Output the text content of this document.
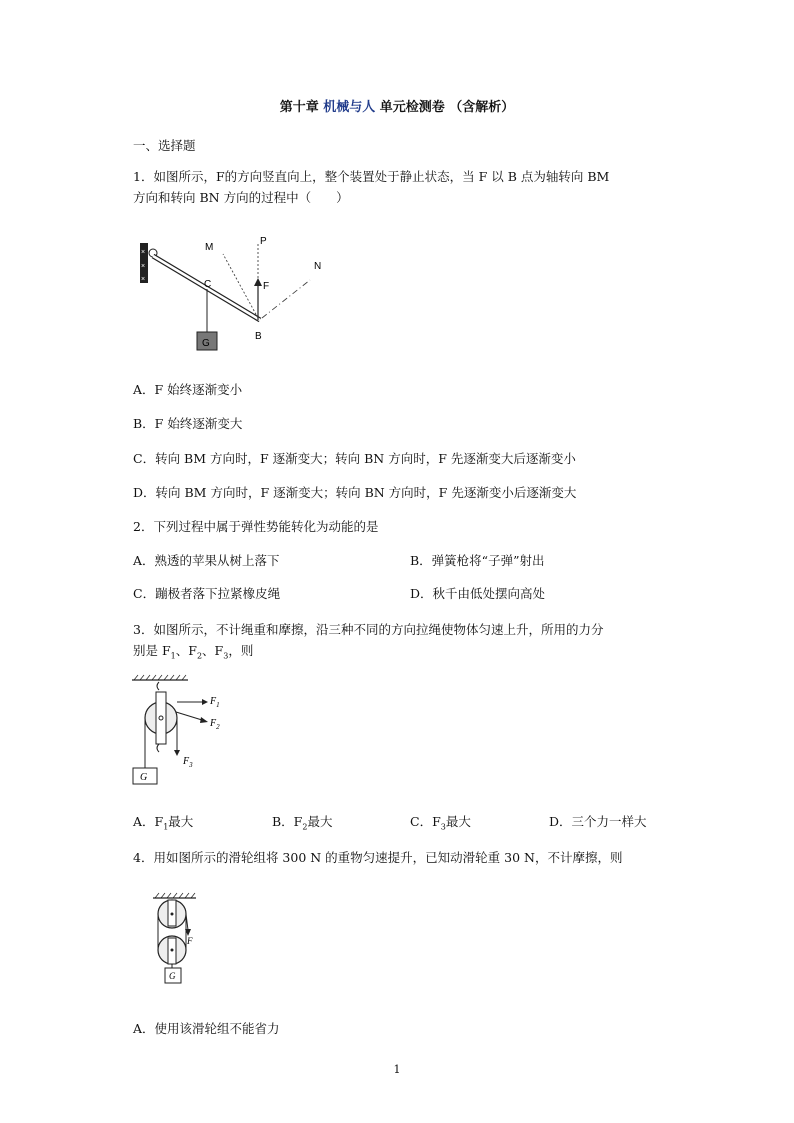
第十章 机械与人 单元检测卷 （含解析）
一、选择题
1．如图所示，F的方向竖直向上，整个装置处于静止状态，当 F 以 B 点为轴转向 BM
方向和转向 BN 方向的过程中（　　）
×
×
×
G
C
B
F
M
P
N
A．F 始终逐渐变小
B．F 始终逐渐变大
C．转向 BM 方向时，F 逐渐变大；转向 BN 方向时，F 先逐渐变大后逐渐变小
D．转向 BM 方向时，F 逐渐变大；转向 BN 方向时，F 先逐渐变小后逐渐变大
2．下列过程中属于弹性势能转化为动能的是
A．熟透的苹果从树上落下	B．弹簧枪将“子弹”射出
C．蹦极者落下拉紧橡皮绳	D．秋千由低处摆向高处
3．如图所示，不计绳重和摩擦，沿三种不同的方向拉绳使物体匀速上升，所用的力分
别是 $F_1$、$F_2$、$F_3$，则
G
$F_1$
$F_2$
$F_3$
A．$F_1$最大	B．$F_2$最大	C．$F_3$最大	D．三个力一样大
4．用如图所示的滑轮组将 300 N 的重物匀速提升，已知动滑轮重 30 N，不计摩擦，则
F
G
A．使用该滑轮组不能省力
1
